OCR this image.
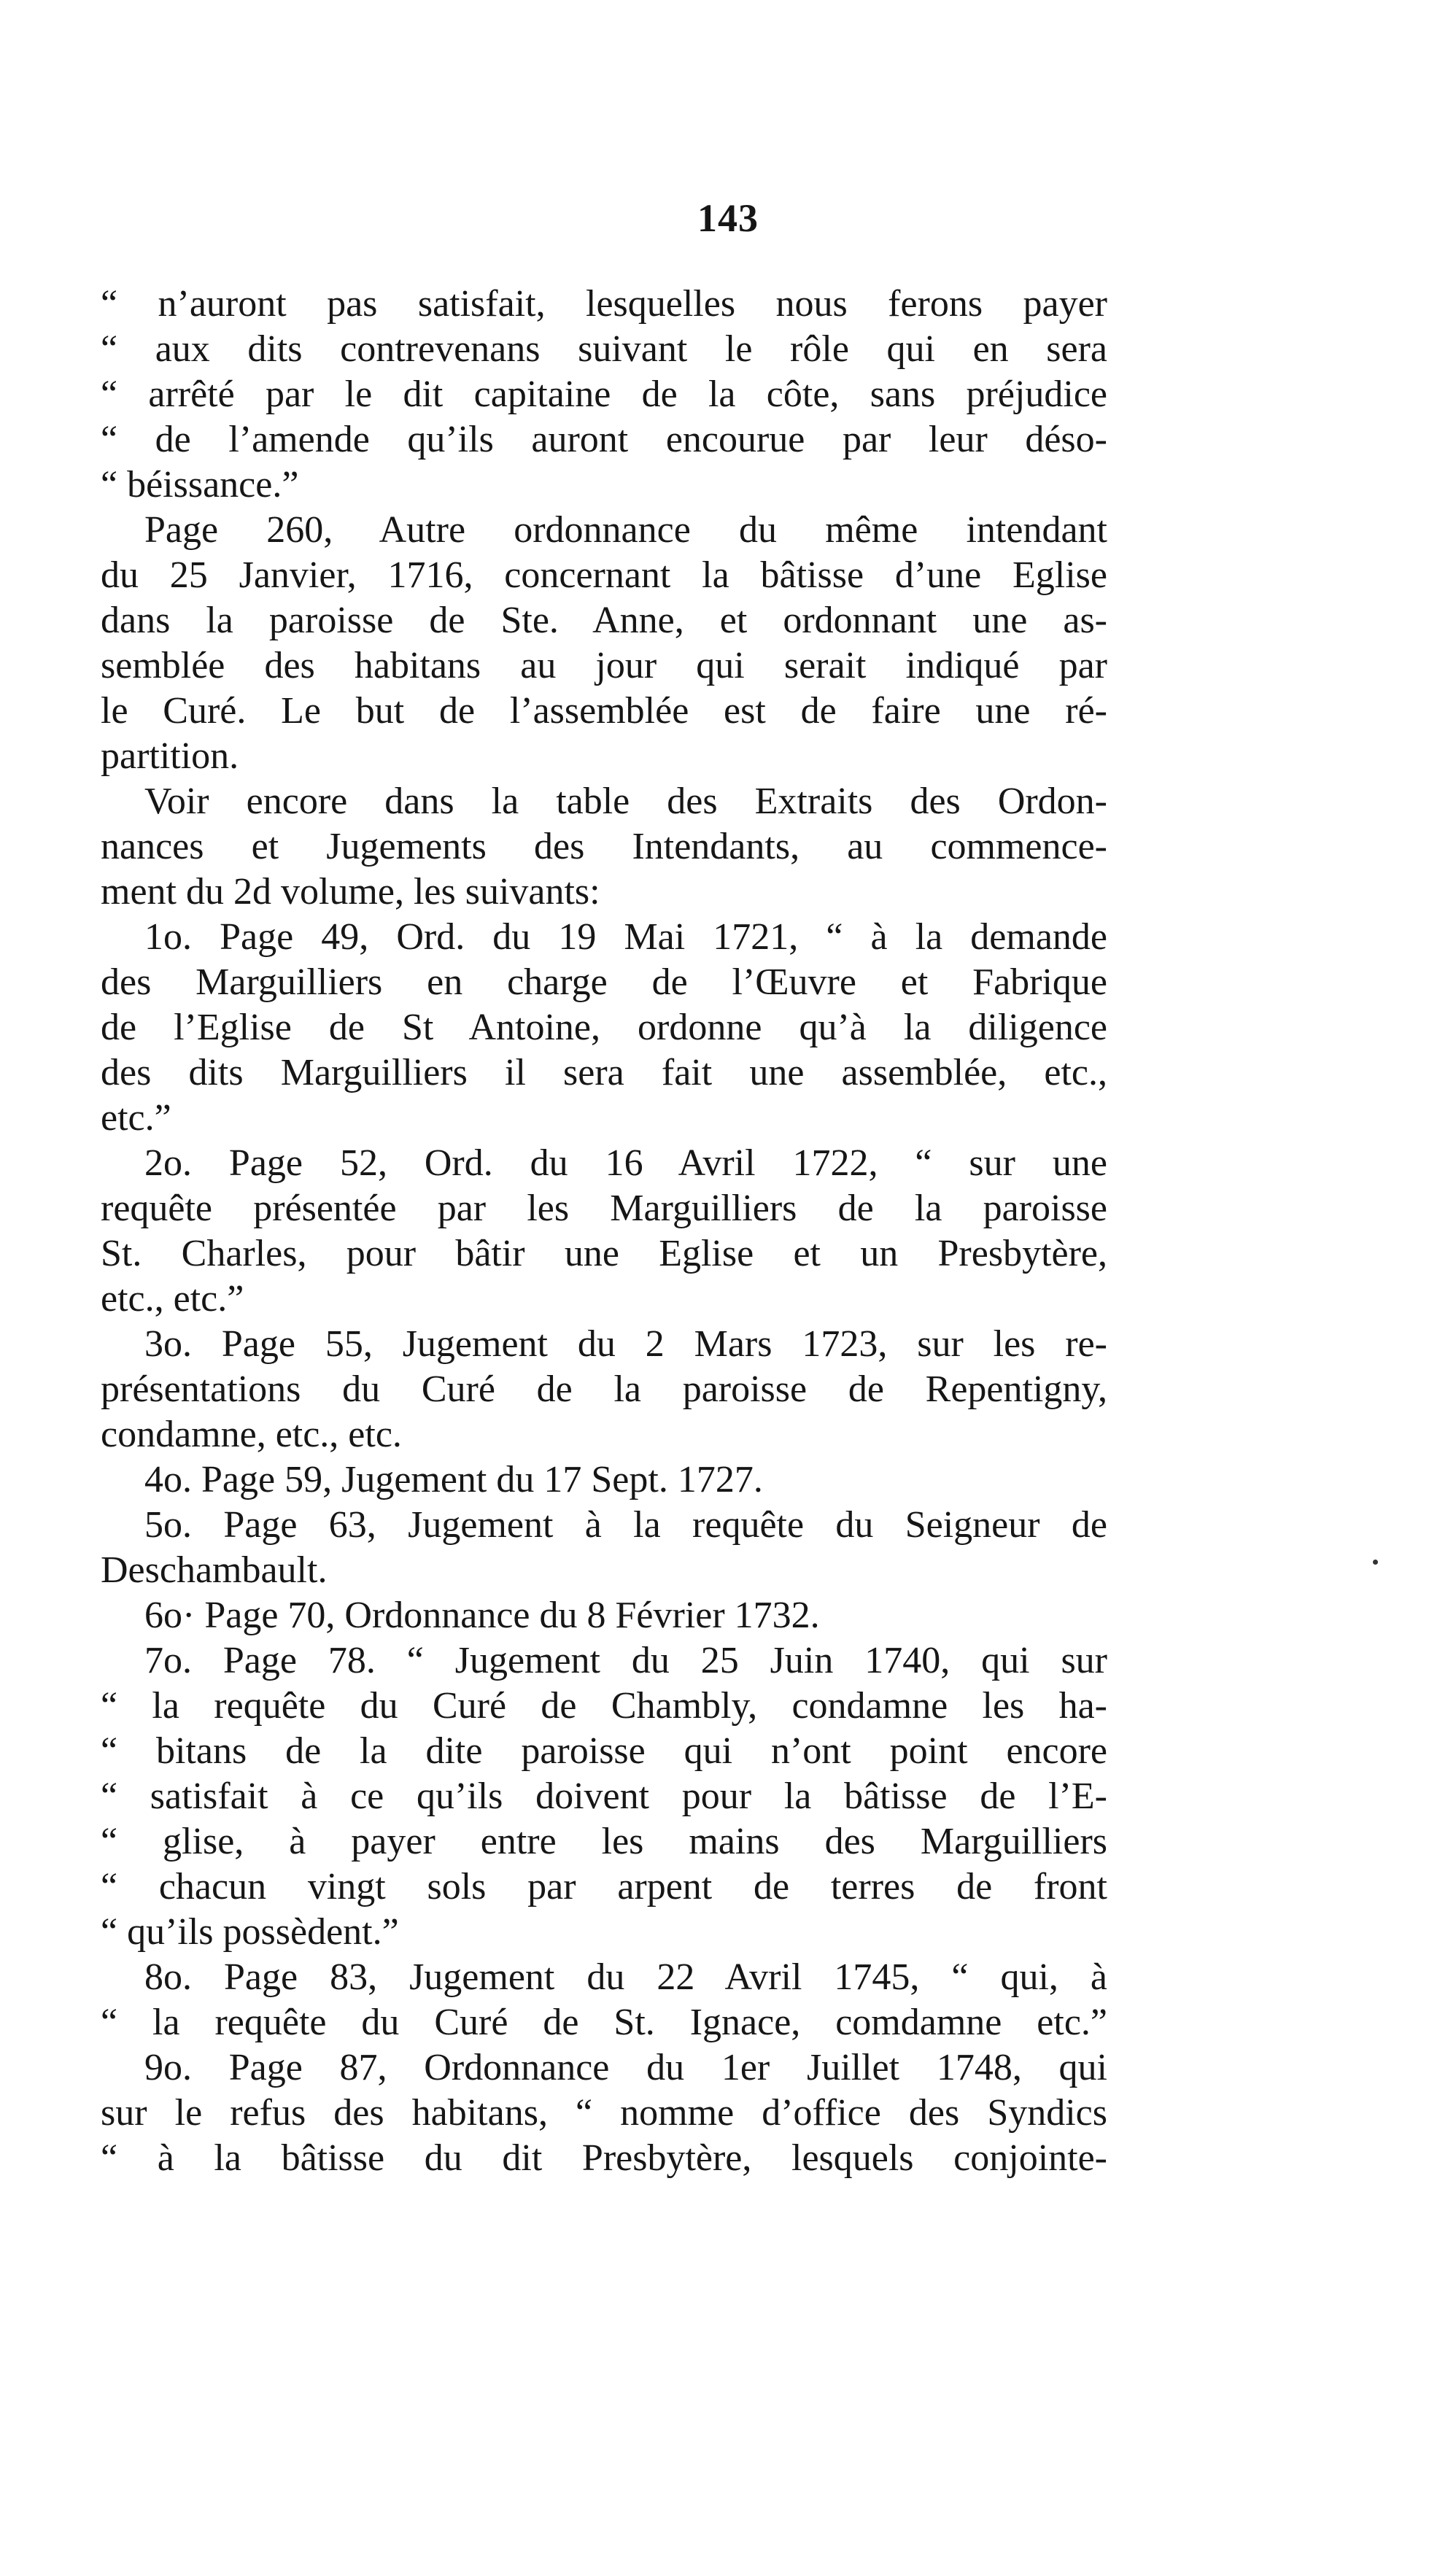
143
“ n’auront pas satisfait, lesquelles nous ferons payer
“ aux dits contrevenans suivant le rôle qui en sera
“ arrêté par le dit capitaine de la côte, sans préjudice
“ de l’amende qu’ils auront encourue par leur déso-
“ béissance.”
Page 260, Autre ordonnance du même intendant
du 25 Janvier, 1716, concernant la bâtisse d’une Eglise
dans la paroisse de Ste. Anne, et ordonnant une as-
semblée des habitans au jour qui serait indiqué par
le Curé. Le but de l’assemblée est de faire une ré-
partition.
Voir encore dans la table des Extraits des Ordon-
nances et Jugements des Intendants, au commence-
ment du 2d volume, les suivants:
1o. Page 49, Ord. du 19 Mai 1721, “ à la demande
des Marguilliers en charge de l’Œuvre et Fabrique
de l’Eglise de St Antoine, ordonne qu’à la diligence
des dits Marguilliers il sera fait une assemblée, etc.,
etc.”
2o. Page 52, Ord. du 16 Avril 1722, “ sur une
requête présentée par les Marguilliers de la paroisse
St. Charles, pour bâtir une Eglise et un Presbytère,
etc., etc.”
3o. Page 55, Jugement du 2 Mars 1723, sur les re-
présentations du Curé de la paroisse de Repentigny,
condamne, etc., etc.
4o. Page 59, Jugement du 17 Sept. 1727.
5o. Page 63, Jugement à la requête du Seigneur de
Deschambault.
6o· Page 70, Ordonnance du 8 Février 1732.
7o. Page 78. “ Jugement du 25 Juin 1740, qui sur
“ la requête du Curé de Chambly, condamne les ha-
“ bitans de la dite paroisse qui n’ont point encore
“ satisfait à ce qu’ils doivent pour la bâtisse de l’E-
“ glise, à payer entre les mains des Marguilliers
“ chacun vingt sols par arpent de terres de front
“ qu’ils possèdent.”
8o. Page 83, Jugement du 22 Avril 1745, “ qui, à
“ la requête du Curé de St. Ignace, comdamne etc.”
9o. Page 87, Ordonnance du 1er Juillet 1748, qui
sur le refus des habitans, “ nomme d’office des Syndics
“ à la bâtisse du dit Presbytère, lesquels conjointe-
